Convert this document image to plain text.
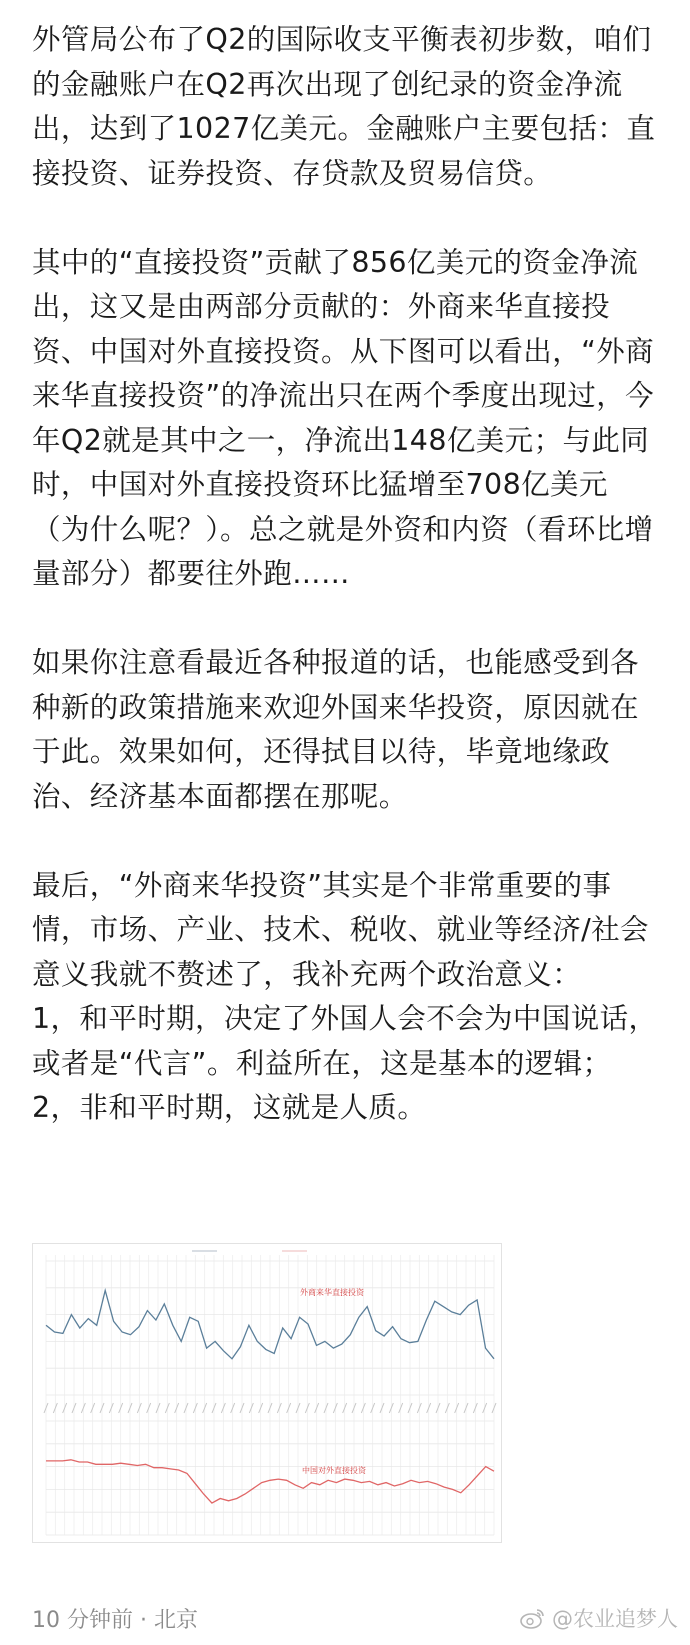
外管局公布了Q2的国际收支平衡表初步数，咱们的金融账户在Q2再次出现了创纪录的资金净流出，达到了1027亿美元。金融账户主要包括：直接投资、证券投资、存贷款及贸易信贷。

其中的“直接投资”贡献了856亿美元的资金净流出，这又是由两部分贡献的：外商来华直接投资、中国对外直接投资。从下图可以看出，“外商来华直接投资”的净流出只在两个季度出现过，今年Q2就是其中之一，净流出148亿美元；与此同时，中国对外直接投资环比猛增至708亿美元（为什么呢？）。总之就是外资和内资（看环比增量部分）都要往外跑……

如果你注意看最近各种报道的话，也能感受到各种新的政策措施来欢迎外国来华投资，原因就在于此。效果如何，还得拭目以待，毕竟地缘政治、经济基本面都摆在那呢。

最后，“外商来华投资”其实是个非常重要的事情，市场、产业、技术、税收、就业等经济/社会意义我就不赘述了，我补充两个政治意义：
1，和平时期，决定了外国人会不会为中国说话，或者是“代言”。利益所在，这是基本的逻辑；
2，非和平时期，这就是人质。

外商来华直接投资
中国对外直接投资
10 分钟前 · 北京	@农业追梦人
